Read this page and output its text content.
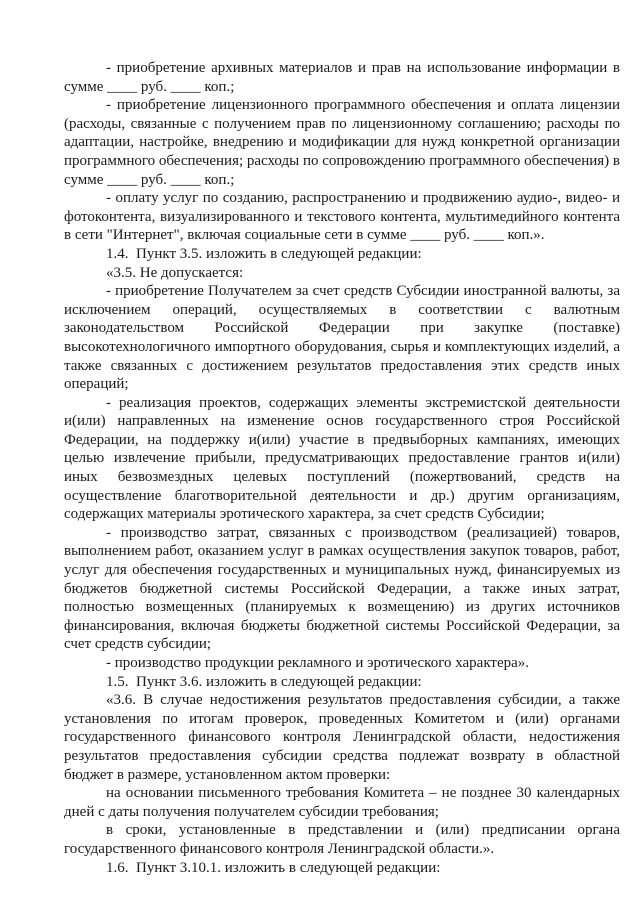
- приобретение архивных материалов и прав на использование информации в сумме ____ руб. ____ коп.;

- приобретение лицензионного программного обеспечения и оплата лицензии (расходы, связанные с получением прав по лицензионному соглашению; расходы по адаптации, настройке, внедрению и модификации для нужд конкретной организации программного обеспечения; расходы по сопровождению программного обеспечения) в сумме ____ руб. ____ коп.;

- оплату услуг по созданию, распространению и продвижению аудио-, видео- и фотоконтента, визуализированного и текстового контента, мультимедийного контента в сети "Интернет", включая социальные сети в сумме ____ руб. ____ коп.».

1.4. Пункт 3.5. изложить в следующей редакции:

«3.5. Не допускается:

- приобретение Получателем за счет средств Субсидии иностранной валюты, за исключением операций, осуществляемых в соответствии с валютным законодательством Российской Федерации при закупке (поставке) высокотехнологичного импортного оборудования, сырья и комплектующих изделий, а также связанных с достижением результатов предоставления этих средств иных операций;

- реализация проектов, содержащих элементы экстремистской деятельности и(или) направленных на изменение основ государственного строя Российской Федерации, на поддержку и(или) участие в предвыборных кампаниях, имеющих целью извлечение прибыли, предусматривающих предоставление грантов и(или) иных безвозмездных целевых поступлений (пожертвований, средств на осуществление благотворительной деятельности и др.) другим организациям, содержащих материалы эротического характера, за счет средств Субсидии;

- производство затрат, связанных с производством (реализацией) товаров, выполнением работ, оказанием услуг в рамках осуществления закупок товаров, работ, услуг для обеспечения государственных и муниципальных нужд, финансируемых из бюджетов бюджетной системы Российской Федерации, а также иных затрат, полностью возмещенных (планируемых к возмещению) из других источников финансирования, включая бюджеты бюджетной системы Российской Федерации, за счет средств субсидии;

- производство продукции рекламного и эротического характера».

1.5. Пункт 3.6. изложить в следующей редакции:

«3.6. В случае недостижения результатов предоставления субсидии, а также установления по итогам проверок, проведенных Комитетом и (или) органами государственного финансового контроля Ленинградской области, недостижения результатов предоставления субсидии средства подлежат возврату в областной бюджет в размере, установленном актом проверки:

на основании письменного требования Комитета – не позднее 30 календарных дней с даты получения получателем субсидии требования;

в сроки, установленные в представлении и (или) предписании органа государственного финансового контроля Ленинградской области.».

1.6. Пункт 3.10.1. изложить в следующей редакции:
